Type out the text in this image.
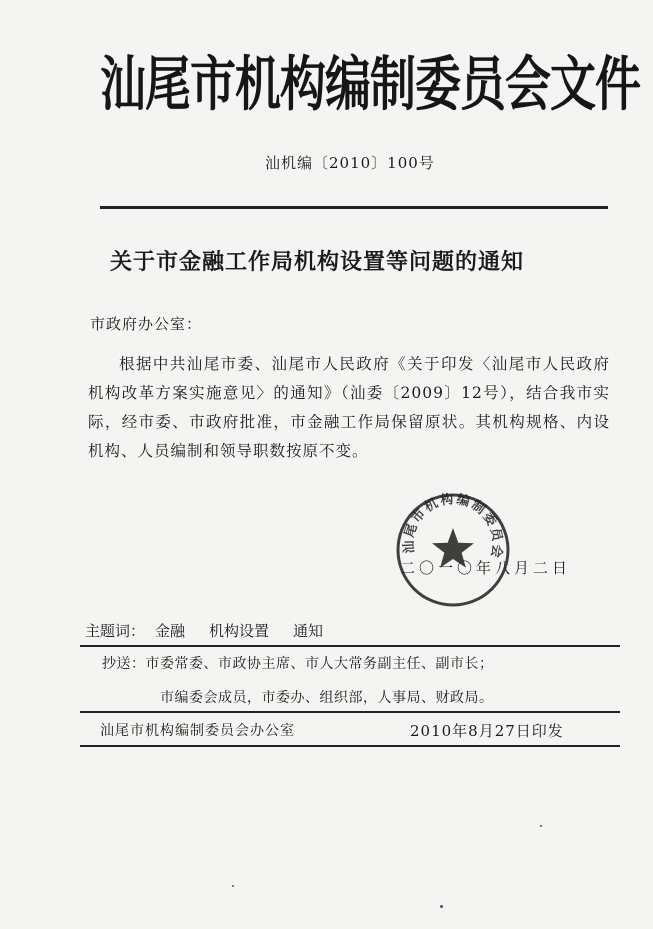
汕尾市机构编制委员会文件
汕机编〔2010〕100号
关于市金融工作局机构设置等问题的通知
市政府办公室：
根据中共汕尾市委、汕尾市人民政府《关于印发〈汕尾市人民政府机构改革方案实施意见〉的通知》（汕委〔2009〕12号），结合我市实际，经市委、市政府批准，市金融工作局保留原状。其机构规格、内设机构、人员编制和领导职数按原不变。
二〇一〇年八月二日
汕尾市机构编制委员会
主题词： 金融 机构设置 通知
抄送：市委常委、市政协主席、市人大常务副主任、副市长；
市编委会成员，市委办、组织部，人事局、财政局。
汕尾市机构编制委员会办公室	2010年8月27日印发
